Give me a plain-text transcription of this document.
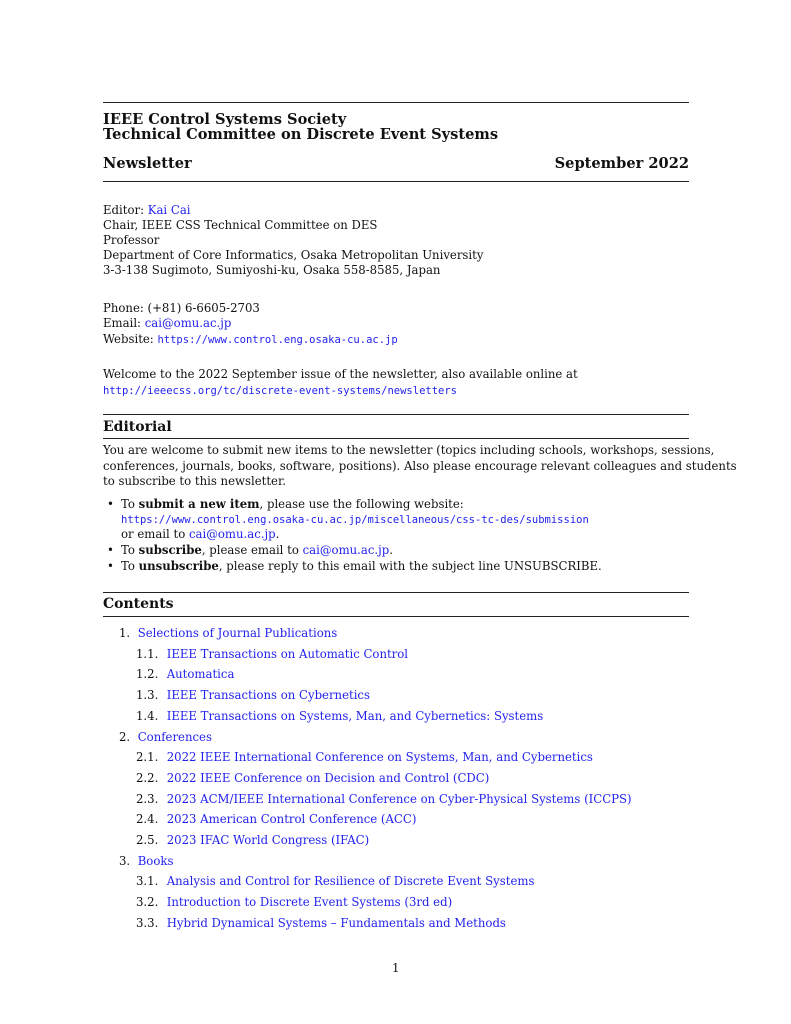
IEEE Control Systems Society
Technical Committee on Discrete Event Systems
Newsletter	September 2022
Editor: Kai Cai
Chair, IEEE CSS Technical Committee on DES
Professor
Department of Core Informatics, Osaka Metropolitan University
3-3-138 Sugimoto, Sumiyoshi-ku, Osaka 558-8585, Japan
Phone: (+81) 6-6605-2703
Email: cai@omu.ac.jp
Website: https://www.control.eng.osaka-cu.ac.jp
Welcome to the 2022 September issue of the newsletter, also available online at
http://ieeecss.org/tc/discrete-event-systems/newsletters
Editorial
You are welcome to submit new items to the newsletter (topics including schools, workshops, sessions,
conferences, journals, books, software, positions). Also please encourage relevant colleagues and students
to subscribe to this newsletter.
• To submit a new item, please use the following website:
https://www.control.eng.osaka-cu.ac.jp/miscellaneous/css-tc-des/submission
or email to cai@omu.ac.jp.
• To subscribe, please email to cai@omu.ac.jp.
• To unsubscribe, please reply to this email with the subject line UNSUBSCRIBE.
Contents
1. Selections of Journal Publications
1.1. IEEE Transactions on Automatic Control
1.2. Automatica
1.3. IEEE Transactions on Cybernetics
1.4. IEEE Transactions on Systems, Man, and Cybernetics: Systems
2. Conferences
2.1. 2022 IEEE International Conference on Systems, Man, and Cybernetics
2.2. 2022 IEEE Conference on Decision and Control (CDC)
2.3. 2023 ACM/IEEE International Conference on Cyber-Physical Systems (ICCPS)
2.4. 2023 American Control Conference (ACC)
2.5. 2023 IFAC World Congress (IFAC)
3. Books
3.1. Analysis and Control for Resilience of Discrete Event Systems
3.2. Introduction to Discrete Event Systems (3rd ed)
3.3. Hybrid Dynamical Systems – Fundamentals and Methods
1
